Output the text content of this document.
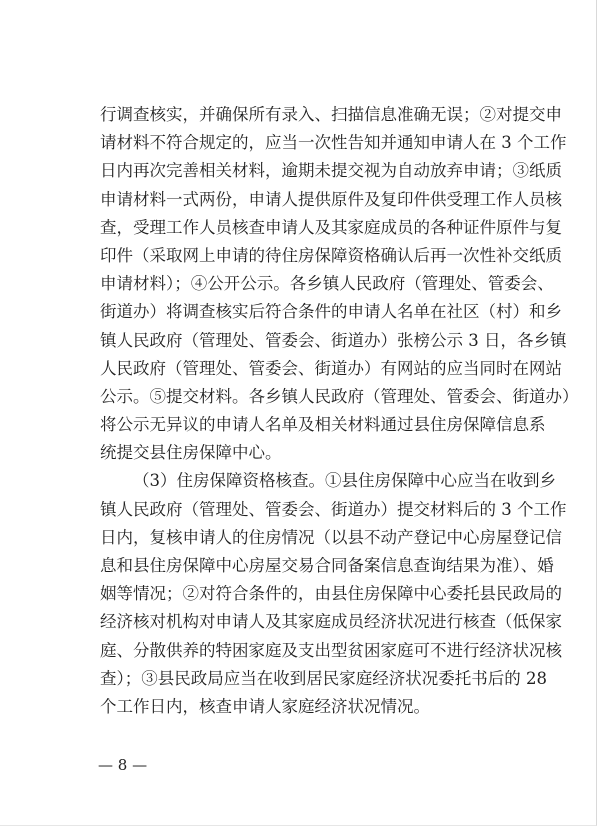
行调查核实，并确保所有录入、扫描信息准确无误；②对提交申
请材料不符合规定的，应当一次性告知并通知申请人在 3 个工作
日内再次完善相关材料，逾期未提交视为自动放弃申请；③纸质
申请材料一式两份，申请人提供原件及复印件供受理工作人员核
查，受理工作人员核查申请人及其家庭成员的各种证件原件与复
印件（采取网上申请的待住房保障资格确认后再一次性补交纸质
申请材料）；④公开公示。各乡镇人民政府（管理处、管委会、
街道办）将调查核实后符合条件的申请人名单在社区（村）和乡
镇人民政府（管理处、管委会、街道办）张榜公示 3 日，各乡镇
人民政府（管理处、管委会、街道办）有网站的应当同时在网站
公示。⑤提交材料。各乡镇人民政府（管理处、管委会、街道办）
将公示无异议的申请人名单及相关材料通过县住房保障信息系
统提交县住房保障中心。
（3）住房保障资格核查。①县住房保障中心应当在收到乡
镇人民政府（管理处、管委会、街道办）提交材料后的 3 个工作
日内，复核申请人的住房情况（以县不动产登记中心房屋登记信
息和县住房保障中心房屋交易合同备案信息查询结果为准）、婚
姻等情况；②对符合条件的，由县住房保障中心委托县民政局的
经济核对机构对申请人及其家庭成员经济状况进行核查（低保家
庭、分散供养的特困家庭及支出型贫困家庭可不进行经济状况核
查）；③县民政局应当在收到居民家庭经济状况委托书后的 28
个工作日内，核查申请人家庭经济状况情况。
— 8 —
